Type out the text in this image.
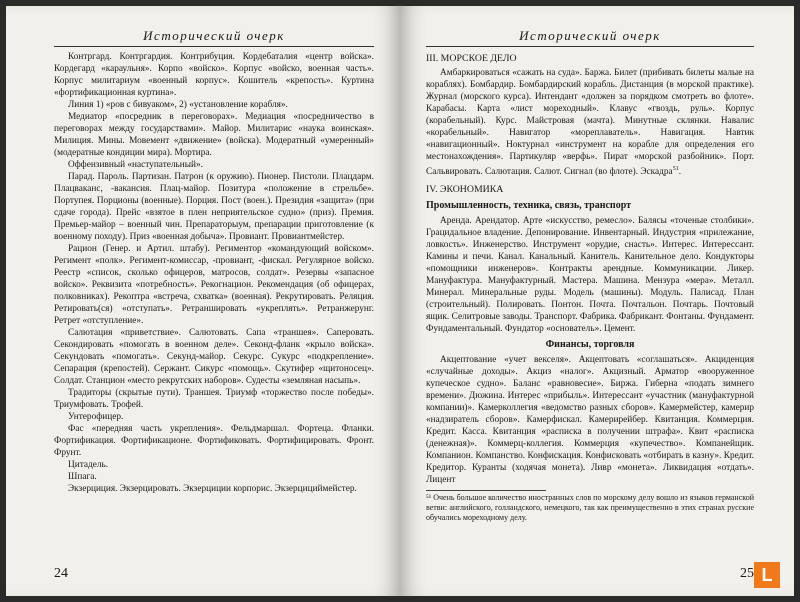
Исторический очерк

Контргард. Контргардия. Контрибуция. Кордебаталия «центр войска». Кордегард «караульня». Корпо «войско». Корпус «войско, военная часть». Корпус милитариум «военный корпус». Кошитель «крепость». Куртина «фортификационная куртина».

Линия 1) «ров с бивуаком», 2) «установление корабля».

Медиатор «посредник в переговорах». Медиация «посредничество в переговорах между государствами». Майор. Милитарис «наука воинская». Милиция. Мины. Мовемент «движение» (войска). Модератный «умеренный» (модератные кондиции мира). Мортира.

Оффензивный «наступательный».

Парад. Пароль. Партизан. Патрон (к оружию). Пионер. Пистоли. Плацдарм. Плацваканс, -вакансия. Плац-майор. Позитура «положение в стрельбе». Портупея. Порционы (военные). Порция. Пост (воен.). Президия «защита» (при сдаче города). Прейс «взятое в плен неприятельское судно» (приз). Премия. Премьер-майор – военный чин. Препараторыум, препарации приготовление (к военному походу). Приз «военная добыча». Провиант. Провиантмейстер.

Рацион (Генер. и Артил. штабу). Региментор «командующий войском». Регимент «полк». Регимент-комиссар, -провиант, -фискал. Регулярное войско. Реестр «список, сколько офицеров, матросов, солдат». Резервы «запасное войско». Реквизита «потребность». Рекогнацион. Рекомендация (об офицерах, полковниках). Рекоптра «встреча, схватка» (военная). Рекрутировать. Реляция. Ретировать(ся) «отступать». Ретраншировать «укреплять». Ретранжерунг. Ретрет «отступление».

Салютация «приветствие». Салютовать. Сапа «траншея». Саперовать. Секондировать «помогать в военном деле». Секонд-фланк «крыло войска». Секундовать «помогать». Секунд-майор. Секурс. Сукурс «подкрепление». Сепарация (крепостей). Сержант. Сикурс «помощь». Скутифер «щитоносец». Солдат. Станцион «место рекрутских наборов». Судесты «земляная насыпь».

Традиторы (скрытые пути). Траншея. Триумф «торжество после победы». Триумфовать. Трофей.

Унтерофицер.

Фас «передняя часть укрепления». Фельдмаршал. Фортеца. Фланки. Фортификация. Фортификационе. Фортификовать. Фортифицировать. Фронт. Фрунт.

Цитадель.

Шпага.

Экзерциция. Экзерцировать. Экзерциции корпорис. Экзерцициймейстер.

24
Исторический очерк
III. МОРСКОЕ ДЕЛО

Амбаркироваться «сажать на суда». Баржа. Билет (прибивать билеты малые на кораблях). Бомбардир. Бомбардирский корабль. Дистанция (в морской практике). Журнал (морского курса). Интендант «должен за порядком смотреть во флоте». Карабасы. Карта «лист мореходный». Клавус «гвоздь, руль». Корпус (корабельный). Курс. Майстровая (мачта). Минутные склянки. Навалис «корабельный». Навигатор «мореплаватель». Навигация. Навтик «навигационный». Ноктурнал «инструмент на корабле для определения его местонахождения». Партикуляр «верфь». Пират «морской разбойник». Порт. Сальвировать. Салютация. Салют. Сигнал (во флоте). Эскадра$^{51}$.

IV. ЭКОНОМИКА
Промышленность, техника, связь, транспорт

Аренда. Арендатор. Арте «искусство, ремесло». Балясы «точеные столбики». Грацидальное владение. Депонирование. Инвентарный. Индустрия «прилежание, ловкость». Инженерство. Инструмент «орудие, снасть». Интерес. Интерессант. Камины и печи. Канал. Канальный. Канитель. Канительное дело. Кондукторы «помощники инженеров». Контракты арендные. Коммуникации. Ликер. Мануфактура. Мануфактурный. Мастера. Машина. Мензура «мера». Металл. Минерал. Минеральные руды. Модель (машины). Модуль. Палисад. План (строительный). Полировать. Понтон. Почта. Почтальон. Почтарь. Почтовый ящик. Селитровые заводы. Транспорт. Фабрика. Фабрикант. Фонтаны. Фундамент. Фундаментальный. Фундатор «основатель». Цемент.

Финансы, торговля

Акцептование «учет векселя». Акцептовать «соглашаться». Акциденция «случайные доходы». Акциз «налог». Акцизный. Арматор «вооруженное купеческое судно». Баланс «равновесие». Биржа. Гиберна «подать зимнего времени». Дюжина. Интерес «прибыль». Интерессант «участник (мануфактурной компании)». Камерколлегия «ведомство разных сборов». Камермейстер, камерир «надзиратель сборов». Камерфискал. Камерирейбер. Квитанция. Коммерция. Кредит. Касса. Квитанция «расписка в получении штрафа». Квит «расписка (денежная)». Коммерц-коллегия. Коммерция «купечество». Компанейщик. Компанион. Компанство. Конфискация. Конфисковать «отбирать в казну». Кредит. Кредитор. Куранты (ходячая монета). Ливр «монета». Ликвидация «отдать». Лицент

⁵¹ Очень большое количество иностранных слов по морскому делу вошло из языков германской ветви: английского, голландского, немецкого, так как преимущественно в этих странах русские обучались мореходному делу.
25 L
